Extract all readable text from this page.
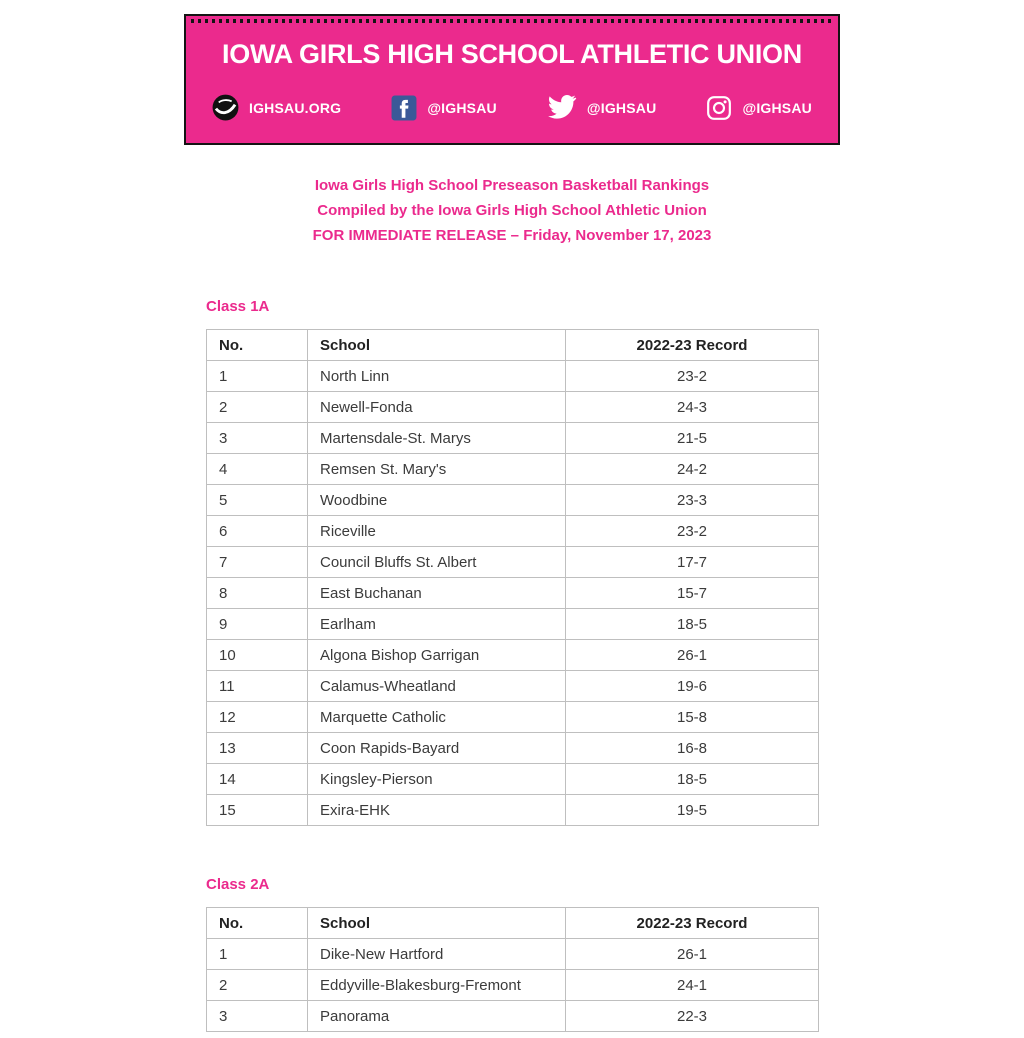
IOWA GIRLS HIGH SCHOOL ATHLETIC UNION
IGHSAU.ORG	@IGHSAU	@IGHSAU	@IGHSAU

Iowa Girls High School Preseason Basketball Rankings

Compiled by the Iowa Girls High School Athletic Union

FOR IMMEDIATE RELEASE – Friday, November 17, 2023

Class 1A
No.	School	2022-23 Record
1	North Linn	23-2
2	Newell-Fonda	24-3
3	Martensdale-St. Marys	21-5
4	Remsen St. Mary's	24-2
5	Woodbine	23-3
6	Riceville	23-2
7	Council Bluffs St. Albert	17-7
8	East Buchanan	15-7
9	Earlham	18-5
10	Algona Bishop Garrigan	26-1
11	Calamus-Wheatland	19-6
12	Marquette Catholic	15-8
13	Coon Rapids-Bayard	16-8
14	Kingsley-Pierson	18-5
15	Exira-EHK	19-5
Class 2A
No.	School	2022-23 Record
1	Dike-New Hartford	26-1
2	Eddyville-Blakesburg-Fremont	24-1
3	Panorama	22-3
